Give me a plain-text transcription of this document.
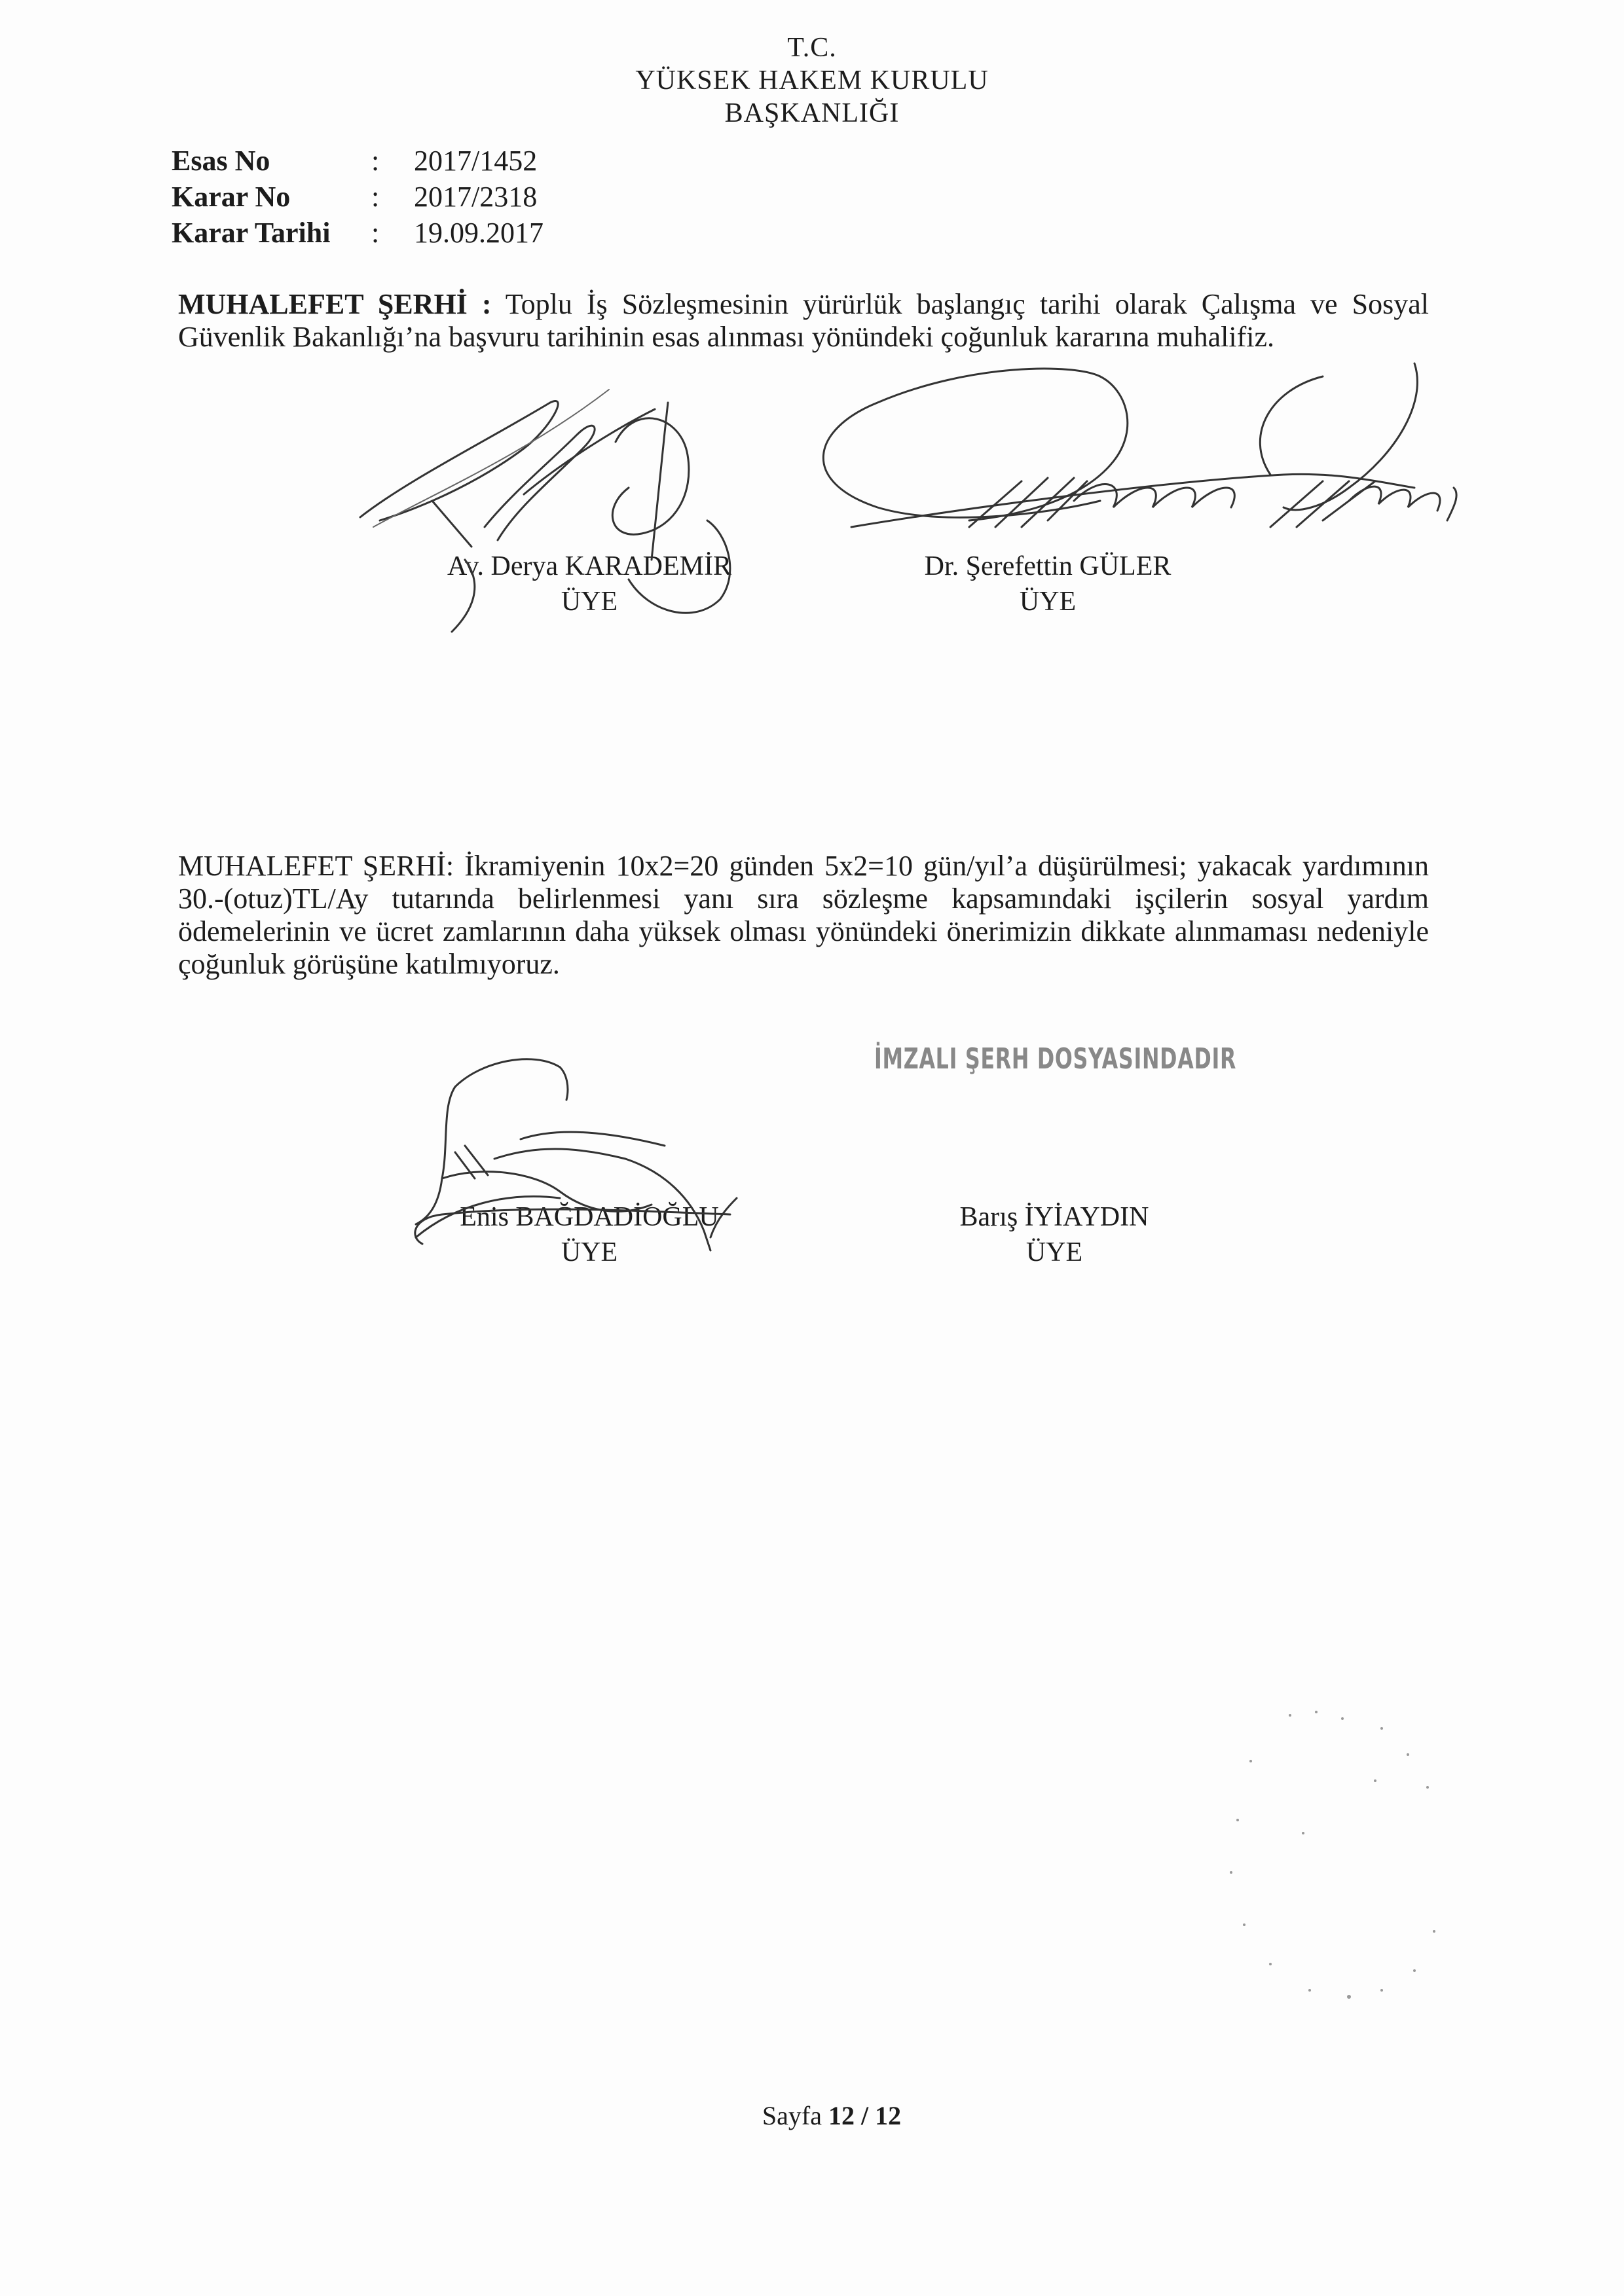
T.C.
YÜKSEK HAKEM KURULU
BAŞKANLIĞI
Esas No	: 2017/1452
Karar No	: 2017/2318
Karar Tarihi : 19.09.2017
MUHALEFET ŞERHİ : Toplu İş Sözleşmesinin yürürlük başlangıç tarihi olarak Çalışma ve Sosyal Güvenlik Bakanlığı’na başvuru tarihinin esas alınması yönündeki çoğunluk kararına muhalifiz.
Av. Derya KARADEMİR
ÜYE
Dr. Şerefettin GÜLER
ÜYE
MUHALEFET ŞERHİ: İkramiyenin 10x2=20 günden 5x2=10 gün/yıl’a düşürülmesi; yakacak yardımının 30.-(otuz)TL/Ay tutarında belirlenmesi yanı sıra sözleşme kapsamındaki işçilerin sosyal yardım ödemelerinin ve ücret zamlarının daha yüksek olması yönündeki önerimizin dikkate alınmaması nedeniyle çoğunluk görüşüne katılmıyoruz.
İMZALI ŞERH DOSYASINDADIR
Enis BAĞDADİOĞLU
ÜYE
Barış İYİAYDIN
ÜYE
Sayfa 12 / 12
